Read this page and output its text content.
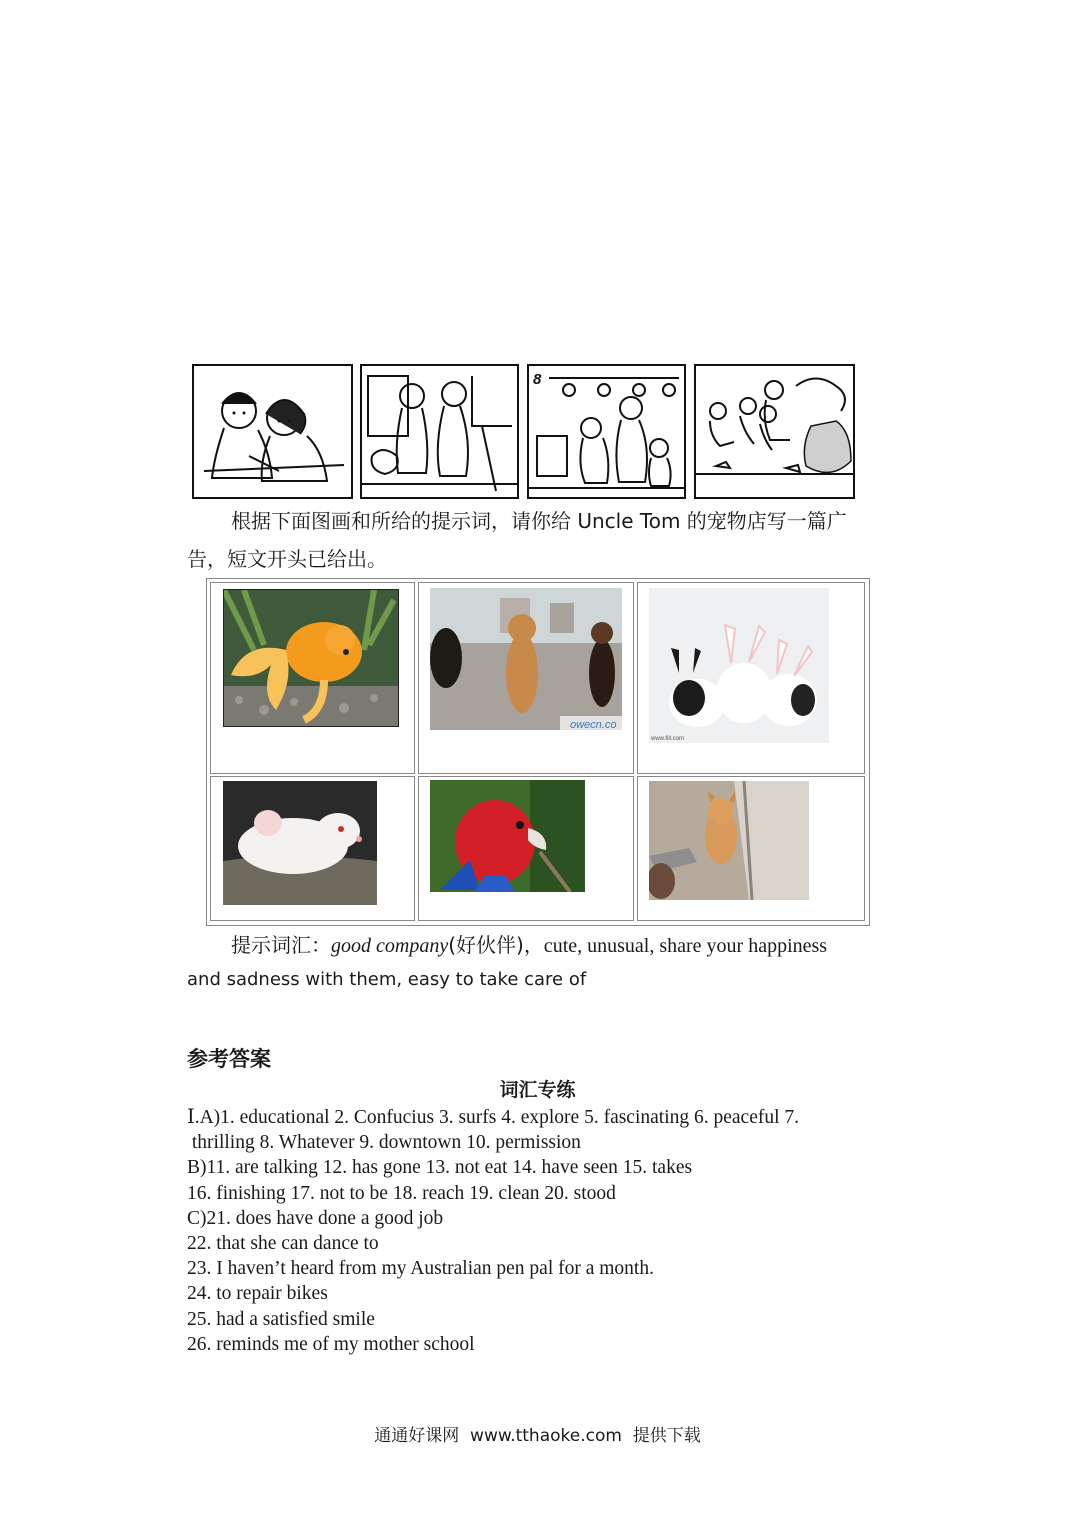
8
根据下面图画和所给的提示词，请你给 Uncle Tom 的宠物店写一篇广
告，短文开头已给出。
owecn.co
www.fill.com
提示词汇：good company(好伙伴)，cute, unusual, share your happiness
and sadness with them, easy to take care of
参考答案
词汇专练
Ⅰ.A)1. educational 2. Confucius 3. surfs 4. explore 5. fascinating 6. peaceful 7.
thrilling 8. Whatever 9. downtown 10. permission
B)11. are talking 12. has gone 13. not eat 14. have seen 15. takes
16. finishing 17. not to be 18. reach 19. clean 20. stood
C)21. does have done a good job
22. that she can dance to
23. I haven’t heard from my Australian pen pal for a month.
24. to repair bikes
25. had a satisfied smile
26. reminds me of my mother school
通通好课网  www.tthaoke.com  提供下载
